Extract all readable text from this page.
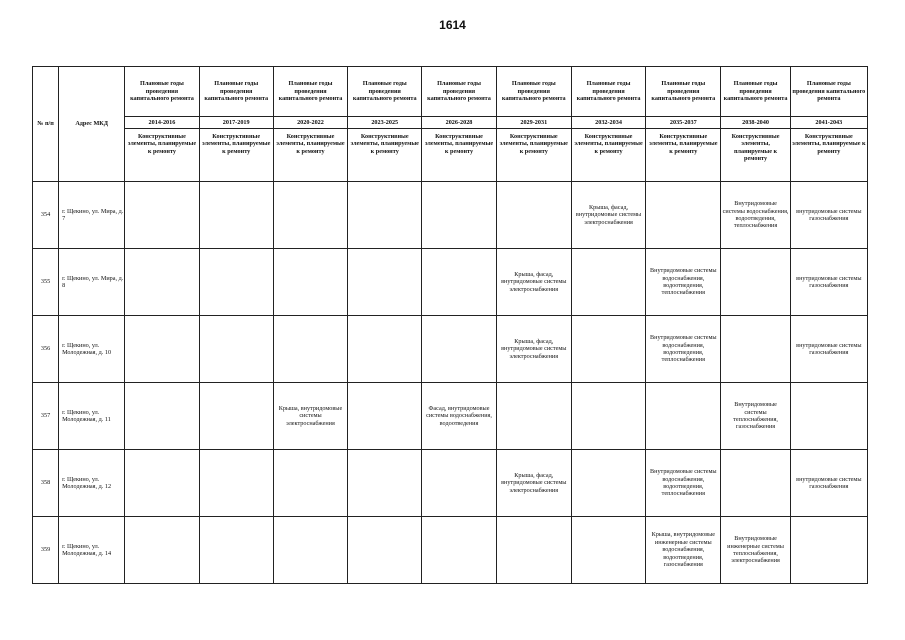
1614
№ п/п	Адрес МКД	Плановые годы проведения капитального ремонта	Плановые годы проведения капитального ремонта	Плановые годы проведения капитального ремонта	Плановые годы проведения капитального ремонта	Плановые годы проведения капитального ремонта	Плановые годы проведения капитального ремонта	Плановые годы проведения капитального ремонта	Плановые годы проведения капитального ремонта	Плановые годы проведения капитального ремонта	Плановые годы проведения капитального ремонта
		2014-2016	2017-2019	2020-2022	2023-2025	2026-2028	2029-2031	2032-2034	2035-2037	2038-2040	2041-2043
		Конструктивные элементы, планируемые к ремонту	Конструктивные элементы, планируемые к ремонту	Конструктивные элементы, планируемые к ремонту	Конструктивные элементы, планируемые к ремонту	Конструктивные элементы, планируемые к ремонту	Конструктивные элементы, планируемые к ремонту	Конструктивные элементы, планируемые к ремонту	Конструктивные элементы, планируемые к ремонту	Конструктивные элементы, планируемые к ремонту	Конструктивные элементы, планируемые к ремонту
354	г. Щекино, ул. Мира, д. 7							Крыша, фасад, внутридомовые системы электроснабжения		Внутридомовые системы водоснабжения, водоотведения, теплоснабжения	внутридомовые системы газоснабжения
355	г. Щекино, ул. Мира, д. 8						Крыша, фасад, внутридомовые системы электроснабжения		Внутридомовые системы водоснабжения, водоотведения, теплоснабжения		внутридомовые системы газоснабжения
356	г. Щекино, ул. Молодежная, д. 10						Крыша, фасад, внутридомовые системы электроснабжения		Внутридомовые системы водоснабжения, водоотведения, теплоснабжения		внутридомовые системы газоснабжения
357	г. Щекино, ул. Молодежная, д. 11			Крыша, внутридомовые системы электроснабжения		Фасад, внутридомовые системы водоснабжения, водоотведения				Внутридомовые системы теплоснабжения, газоснабжения	
358	г. Щекино, ул. Молодежная, д. 12						Крыша, фасад, внутридомовые системы электроснабжения		Внутридомовые системы водоснабжения, водоотведения, теплоснабжения		внутридомовые системы газоснабжения
359	г. Щекино, ул. Молодежная, д. 14								Крыша, внутридомовые инженерные системы водоснабжения, водоотведения, газоснабжения	Внутридомовые инженерные системы теплоснабжения, электроснабжения	
